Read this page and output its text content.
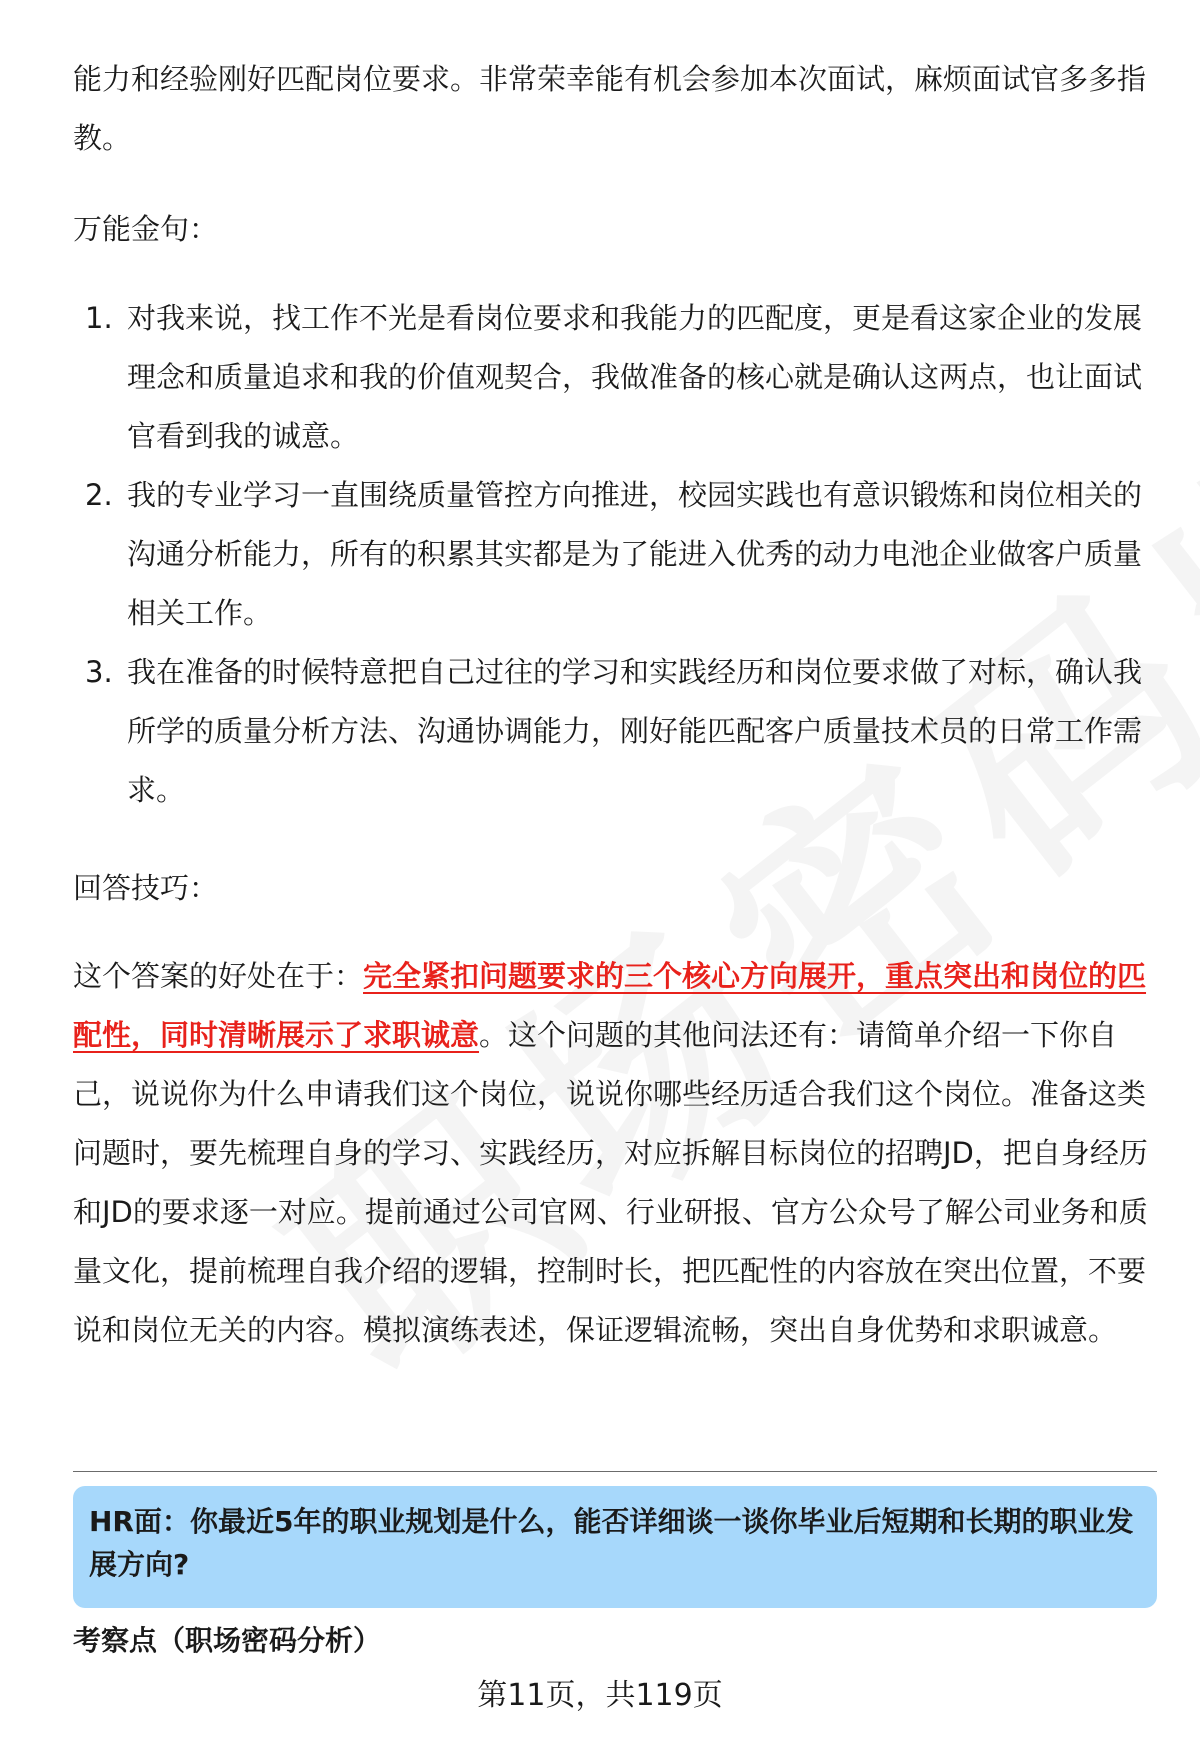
能力和经验刚好匹配岗位要求。非常荣幸能有机会参加本次面试，麻烦面试官多多指教。

万能金句：

1. 对我来说，找工作不光是看岗位要求和我能力的匹配度，更是看这家企业的发展理念和质量追求和我的价值观契合，我做准备的核心就是确认这两点，也让面试官看到我的诚意。
2. 我的专业学习一直围绕质量管控方向推进，校园实践也有意识锻炼和岗位相关的沟通分析能力，所有的积累其实都是为了能进入优秀的动力电池企业做客户质量相关工作。
3. 我在准备的时候特意把自己过往的学习和实践经历和岗位要求做了对标，确认我所学的质量分析方法、沟通协调能力，刚好能匹配客户质量技术员的日常工作需求。

回答技巧：

这个答案的好处在于：完全紧扣问题要求的三个核心方向展开，重点突出和岗位的匹配性，同时清晰展示了求职诚意。这个问题的其他问法还有：请简单介绍一下你自己，说说你为什么申请我们这个岗位，说说你哪些经历适合我们这个岗位。准备这类问题时，要先梳理自身的学习、实践经历，对应拆解目标岗位的招聘JD，把自身经历和JD的要求逐一对应。提前通过公司官网、行业研报、官方公众号了解公司业务和质量文化，提前梳理自我介绍的逻辑，控制时长，把匹配性的内容放在突出位置，不要说和岗位无关的内容。模拟演练表述，保证逻辑流畅，突出自身优势和求职诚意。

HR面：你最近5年的职业规划是什么，能否详细谈一谈你毕业后短期和长期的职业发展方向?
考察点（职场密码分析）
第11页，共119页
